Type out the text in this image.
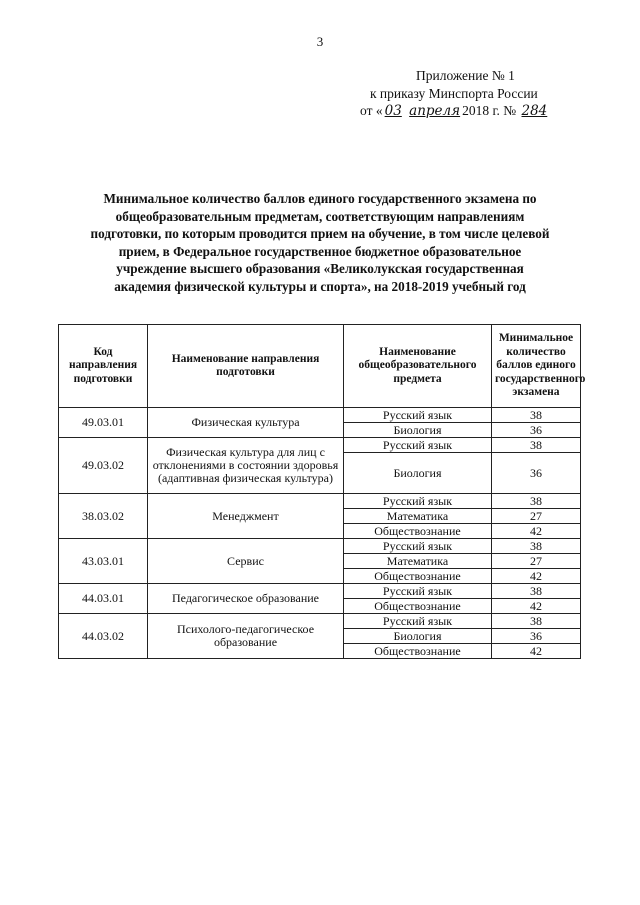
3
Приложение № 1
к приказу Минспорта России
от « 03 апреля 2018 г. № 284
Минимальное количество баллов единого государственного экзамена по общеобразовательным предметам, соответствующим направлениям подготовки, по которым проводится прием на обучение, в том числе целевой прием, в Федеральное государственное бюджетное образовательное учреждение высшего образования «Великолукская государственная академия физической культуры и спорта», на 2018-2019 учебный год
Код направления подготовки	Наименование направления подготовки	Наименование общеобразовательного предмета	Минимальное количество баллов единого государственного экзамена
49.03.01	Физическая культура	Русский язык	38
		Биология	36
49.03.02	Физическая культура для лиц с отклонениями в состоянии здоровья (адаптивная физическая культура)	Русский язык	38
		Биология	36
38.03.02	Менеджмент	Русский язык	38
		Математика	27
		Обществознание	42
43.03.01	Сервис	Русский язык	38
		Математика	27
		Обществознание	42
44.03.01	Педагогическое образование	Русский язык	38
		Обществознание	42
44.03.02	Психолого-педагогическое образование	Русский язык	38
		Биология	36
		Обществознание	42
